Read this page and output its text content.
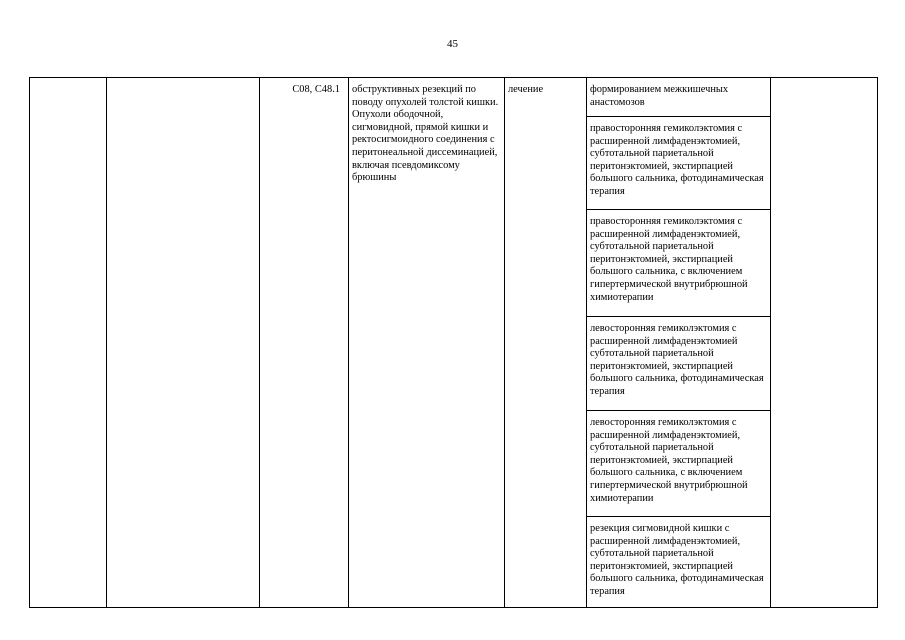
45
		C08, C48.1	обструктивных резекций по поводу опухолей толстой кишки. Опухоли ободочной, сигмовидной, прямой кишки и ректосигмоидного соединения с перитонеальной диссеминацией, включая псевдомиксому брюшины	лечение	формированием межкишечных анастомозов
правосторонняя гемиколэктомия с расширенной лимфаденэктомией, субтотальной париетальной перитонэктомией, экстирпацией большого сальника, фотодинамическая терапия
правосторонняя гемиколэктомия с расширенной лимфаденэктомией, субтотальной париетальной перитонэктомией, экстирпацией большого сальника, с включением гипертермической внутрибрюшной химиотерапии
левосторонняя гемиколэктомия с расширенной лимфаденэктомией субтотальной париетальной перитонэктомией, экстирпацией большого сальника, фотодинамическая терапия
левосторонняя гемиколэктомия с расширенной лимфаденэктомией, субтотальной париетальной перитонэктомией, экстирпацией большого сальника, с включением гипертермической внутрибрюшной химиотерапии
резекция сигмовидной кишки с расширенной лимфаденэктомией, субтотальной париетальной перитонэктомией, экстирпацией большого сальника, фотодинамическая терапия
